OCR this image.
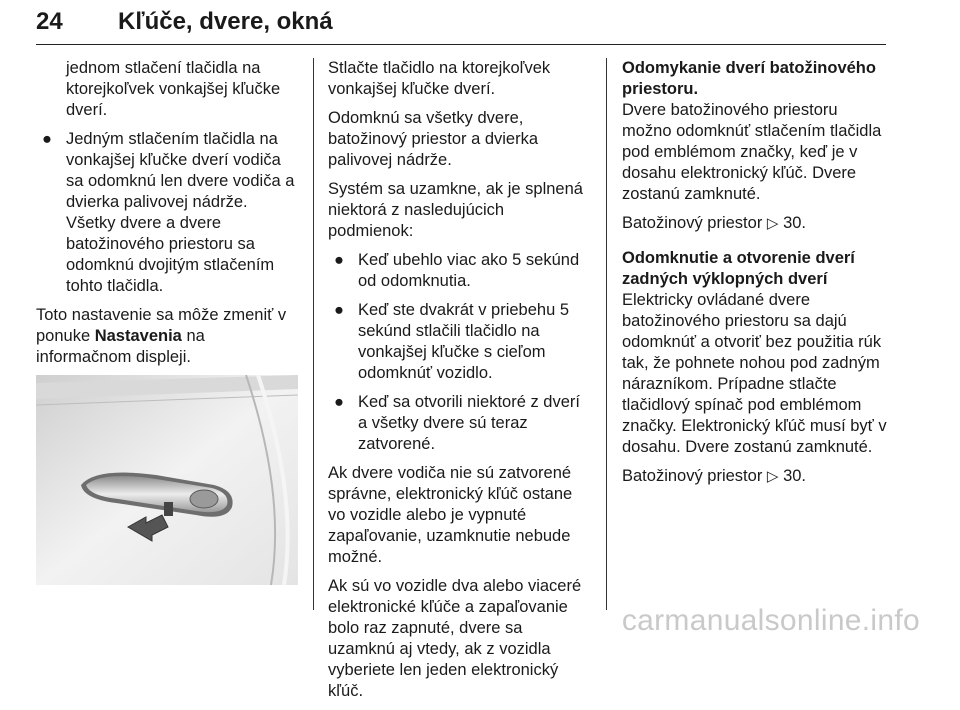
24 Kľúče, dvere, okná
jednom stlačení tlačidla na ktorejkoľvek vonkajšej kľučke dverí.
● Jedným stlačením tlačidla na vonkajšej kľučke dverí vodiča sa odomknú len dvere vodiča a dvierka palivovej nádrže. Všetky dvere a dvere batožinového priestoru sa odomknú dvojitým stlačením tohto tlačidla.

Toto nastavenie sa môže zmeniť v ponuke Nastavenia na informačnom displeji.

Stlačte tlačidlo na ktorejkoľvek vonkajšej kľučke dverí.

Odomknú sa všetky dvere, batožinový priestor a dvierka palivovej nádrže.

Systém sa uzamkne, ak je splnená niektorá z nasledujúcich podmienok:

● Keď ubehlo viac ako 5 sekúnd od odomknutia.
● Keď ste dvakrát v priebehu 5 sekúnd stlačili tlačidlo na vonkajšej kľučke s cieľom odomknúť vozidlo.
● Keď sa otvorili niektoré z dverí a všetky dvere sú teraz zatvorené.

Ak dvere vodiča nie sú zatvorené správne, elektronický kľúč ostane vo vozidle alebo je vypnuté zapaľovanie, uzamknutie nebude možné.

Ak sú vo vozidle dva alebo viaceré elektronické kľúče a zapaľovanie bolo raz zapnuté, dvere sa uzamknú aj vtedy, ak z vozidla vyberiete len jeden elektronický kľúč.

Odomykanie dverí batožinového priestoru.

Dvere batožinového priestoru možno odomknúť stlačením tlačidla pod emblémom značky, keď je v dosahu elektronický kľúč. Dvere zostanú zamknuté.

Batožinový priestor ▷ 30.

Odomknutie a otvorenie dverí zadných výklopných dverí

Elektricky ovládané dvere batožinového priestoru sa dajú odomknúť a otvoriť bez použitia rúk tak, že pohnete nohou pod zadným nárazníkom. Prípadne stlačte tlačidlový spínač pod emblémom značky. Elektronický kľúč musí byť v dosahu. Dvere zostanú zamknuté.

Batožinový priestor ▷ 30.

carmanualsonline.info
